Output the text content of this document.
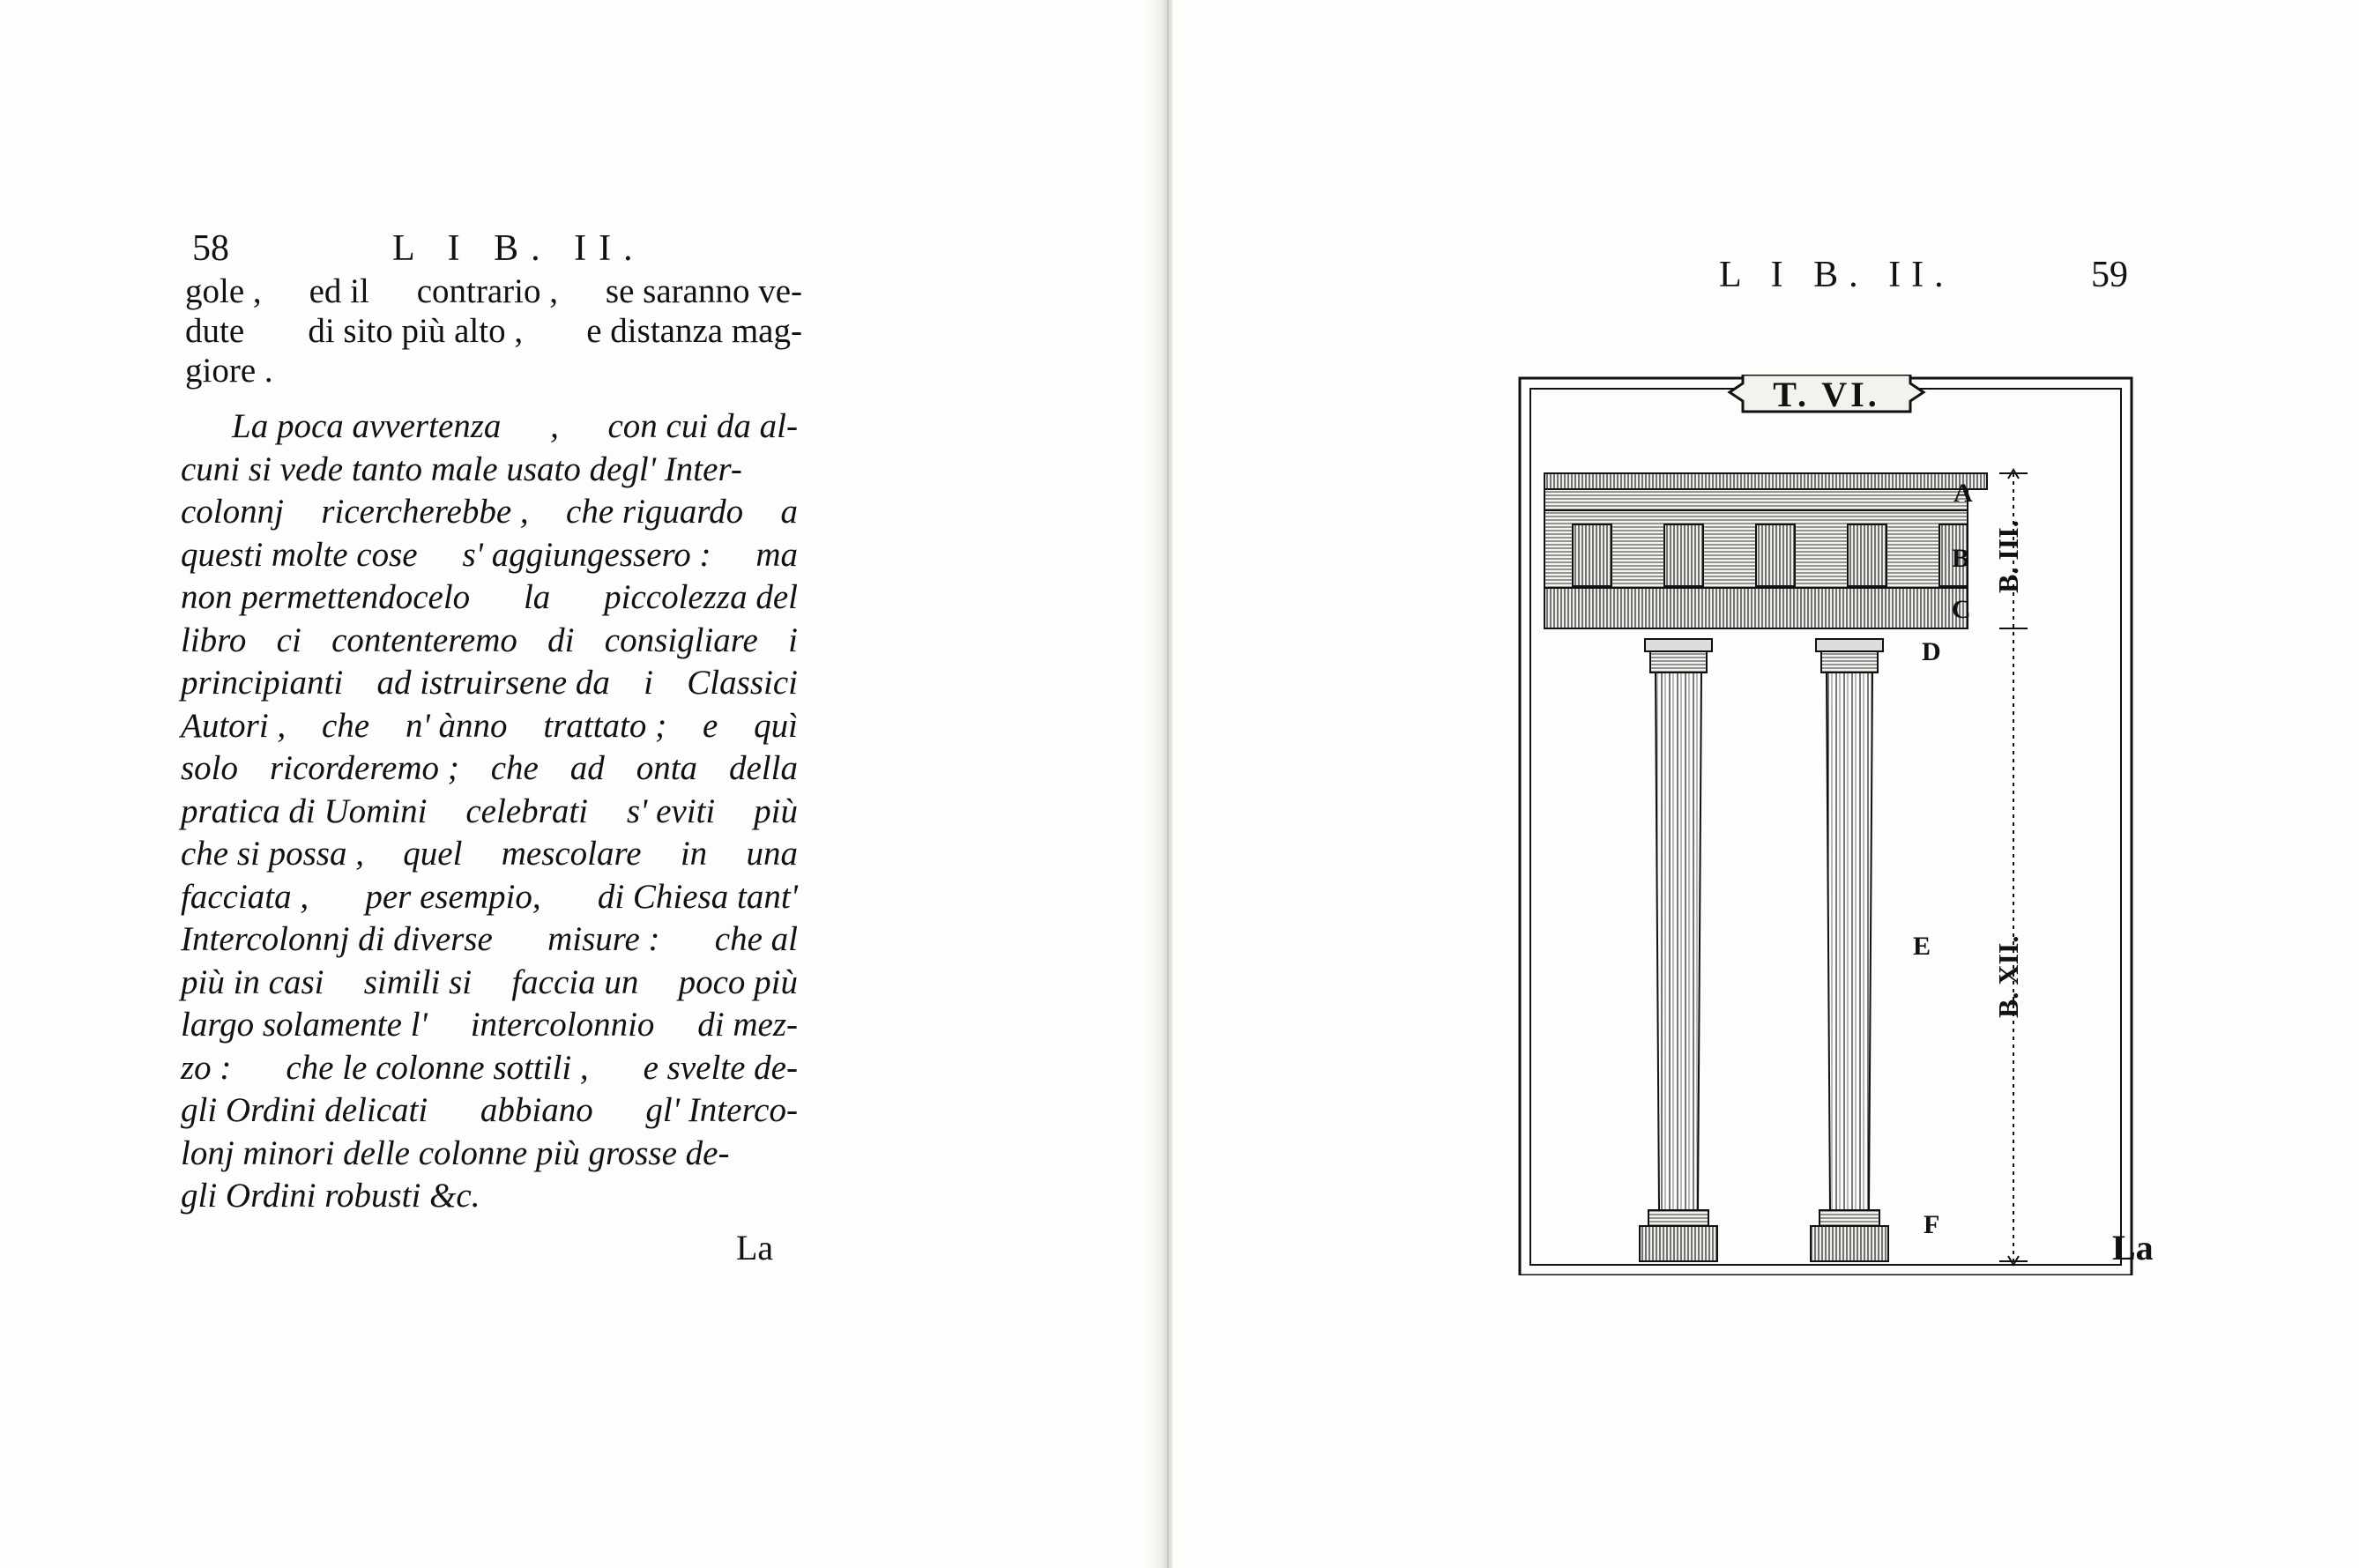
58	L I B. II.
gole , ed il contrario , se saranno ve-
dute di sito più alto , e distanza mag-
giore .
La poca avvertenza , con cui da al-
cuni si vede tanto male usato degl' Inter-
colonnj ricercherebbe , che riguardo a
questi molte cose s' aggiungessero : ma
non permettendocelo la piccolezza del
libro ci contenteremo di consigliare i
principianti ad istruirsene da i Classici
Autori , che n' ànno trattato ; e quì
solo ricorderemo ; che ad onta della
pratica di Uomini celebrati s' eviti più
che si possa , quel mescolare in una
facciata , per esempio, di Chiesa tant'
Intercolonnj di diverse misure : che al
più in casi simili si faccia un poco più
largo solamente l' intercolonnio di mez-
zo : che le colonne sottili , e svelte de-
gli Ordini delicati abbiano gl' Interco-
lonj minori delle colonne più grosse de-
gli Ordini robusti &c.
La
L I B. II.	59
T. VI.
A
B
C
D
E
F
B. III.
B. XII.
La
